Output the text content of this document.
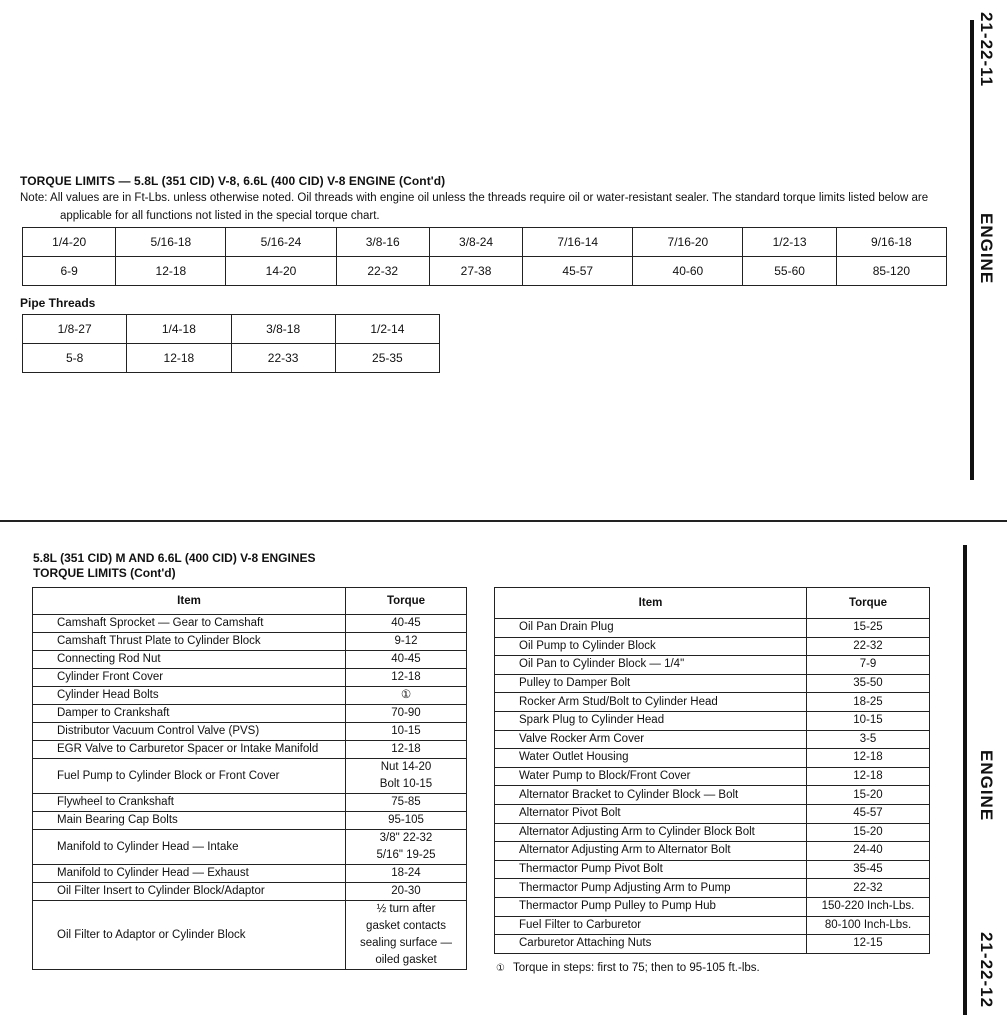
21-22-11
ENGINE
TORQUE LIMITS — 5.8L (351 CID) V-8, 6.6L (400 CID) V-8 ENGINE (Cont'd)
Note: All values are in Ft-Lbs. unless otherwise noted. Oil threads with engine oil unless the threads require oil or water-resistant sealer. The standard torque limits listed below are
applicable for all functions not listed in the special torque chart.
1/4-20	5/16-18	5/16-24	3/8-16	3/8-24	7/16-14	7/16-20	1/2-13	9/16-18
6-9	12-18	14-20	22-32	27-38	45-57	40-60	55-60	85-120
Pipe Threads
1/8-27	1/4-18	3/8-18	1/2-14
5-8	12-18	22-33	25-35
ENGINE
21-22-12
5.8L (351 CID) M AND 6.6L (400 CID) V-8 ENGINES
TORQUE LIMITS (Cont'd)
Item	Torque

Camshaft Sprocket — Gear to Camshaft	40-45

Camshaft Thrust Plate to Cylinder Block	9-12

Connecting Rod Nut	40-45

Cylinder Front Cover	12-18

Cylinder Head Bolts	①

Damper to Crankshaft	70-90

Distributor Vacuum Control Valve (PVS)	10-15

EGR Valve to Carburetor Spacer or Intake Manifold	12-18

Fuel Pump to Cylinder Block or Front Cover	Nut 14-20
Bolt 10-15

Flywheel to Crankshaft	75-85

Main Bearing Cap Bolts	95-105

Manifold to Cylinder Head — Intake	3/8" 22-32
5/16" 19-25

Manifold to Cylinder Head — Exhaust	18-24

Oil Filter Insert to Cylinder Block/Adaptor	20-30

Oil Filter to Adaptor or Cylinder Block	½ turn after
gasket contacts
sealing surface —
oiled gasket
Item	Torque

Oil Pan Drain Plug	15-25

Oil Pump to Cylinder Block	22-32

Oil Pan to Cylinder Block — 1/4"	7-9

Pulley to Damper Bolt	35-50

Rocker Arm Stud/Bolt to Cylinder Head	18-25

Spark Plug to Cylinder Head	10-15

Valve Rocker Arm Cover	3-5

Water Outlet Housing	12-18

Water Pump to Block/Front Cover	12-18

Alternator Bracket to Cylinder Block — Bolt	15-20

Alternator Pivot Bolt	45-57

Alternator Adjusting Arm to Cylinder Block Bolt	15-20

Alternator Adjusting Arm to Alternator Bolt	24-40

Thermactor Pump Pivot Bolt	35-45

Thermactor Pump Adjusting Arm to Pump	22-32

Thermactor Pump Pulley to Pump Hub	150-220 Inch-Lbs.

Fuel Filter to Carburetor	80-100 Inch-Lbs.

Carburetor Attaching Nuts	12-15
① Torque in steps: first to 75; then to 95-105 ft.-lbs.
